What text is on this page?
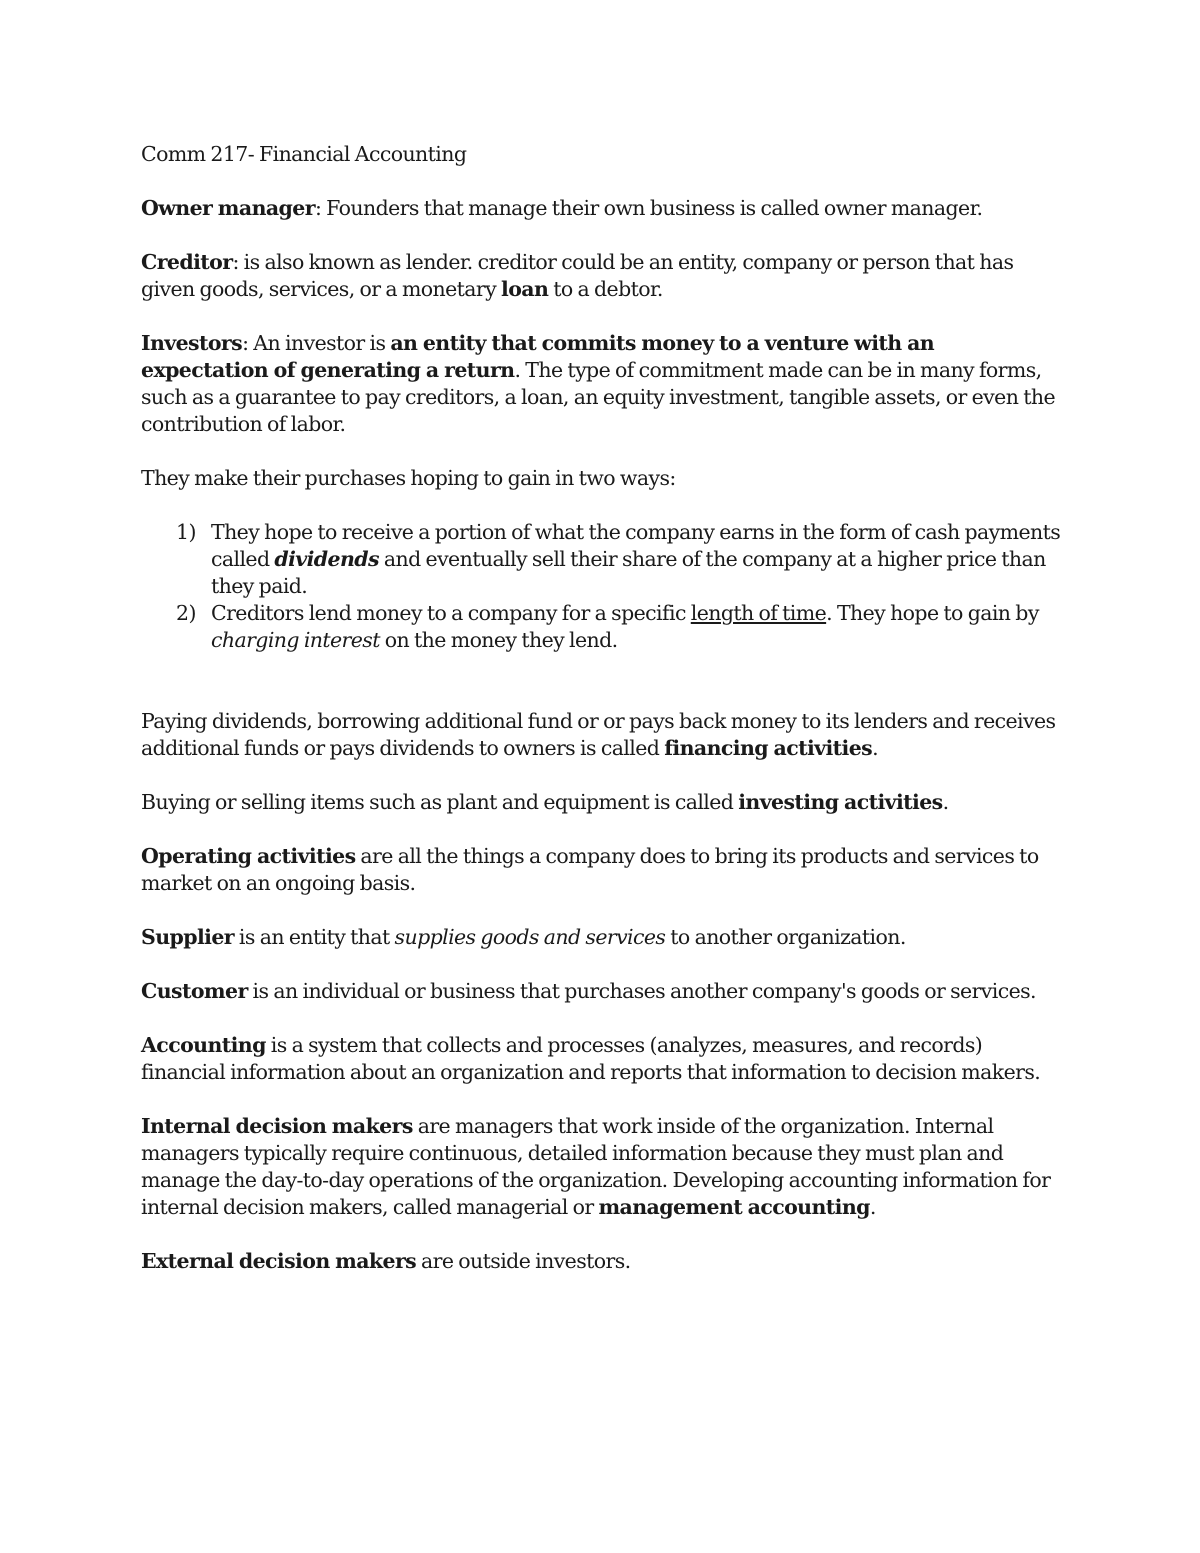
Comm 217- Financial Accounting

Owner manager: Founders that manage their own business is called owner manager.

Creditor: is also known as lender. creditor could be an entity, company or person that has given goods, services, or a monetary loan to a debtor.

Investors: An investor is an entity that commits money to a venture with an expectation of generating a return. The type of commitment made can be in many forms, such as a guarantee to pay creditors, a loan, an equity investment, tangible assets, or even the contribution of labor.

They make their purchases hoping to gain in two ways:

1) They hope to receive a portion of what the company earns in the form of cash payments called dividends and eventually sell their share of the company at a higher price than they paid.
2) Creditors lend money to a company for a specific length of time. They hope to gain by charging interest on the money they lend.

Paying dividends, borrowing additional fund or or pays back money to its lenders and receives additional funds or pays dividends to owners is called financing activities.

Buying or selling items such as plant and equipment is called investing activities.

Operating activities are all the things a company does to bring its products and services to market on an ongoing basis.

Supplier is an entity that supplies goods and services to another organization.

Customer is an individual or business that purchases another company's goods or services.

Accounting is a system that collects and processes (analyzes, measures, and records) financial information about an organization and reports that information to decision makers.

Internal decision makers are managers that work inside of the organization. Internal managers typically require continuous, detailed information because they must plan and manage the day-to-day operations of the organization. Developing accounting information for internal decision makers, called managerial or management accounting.

External decision makers are outside investors.
